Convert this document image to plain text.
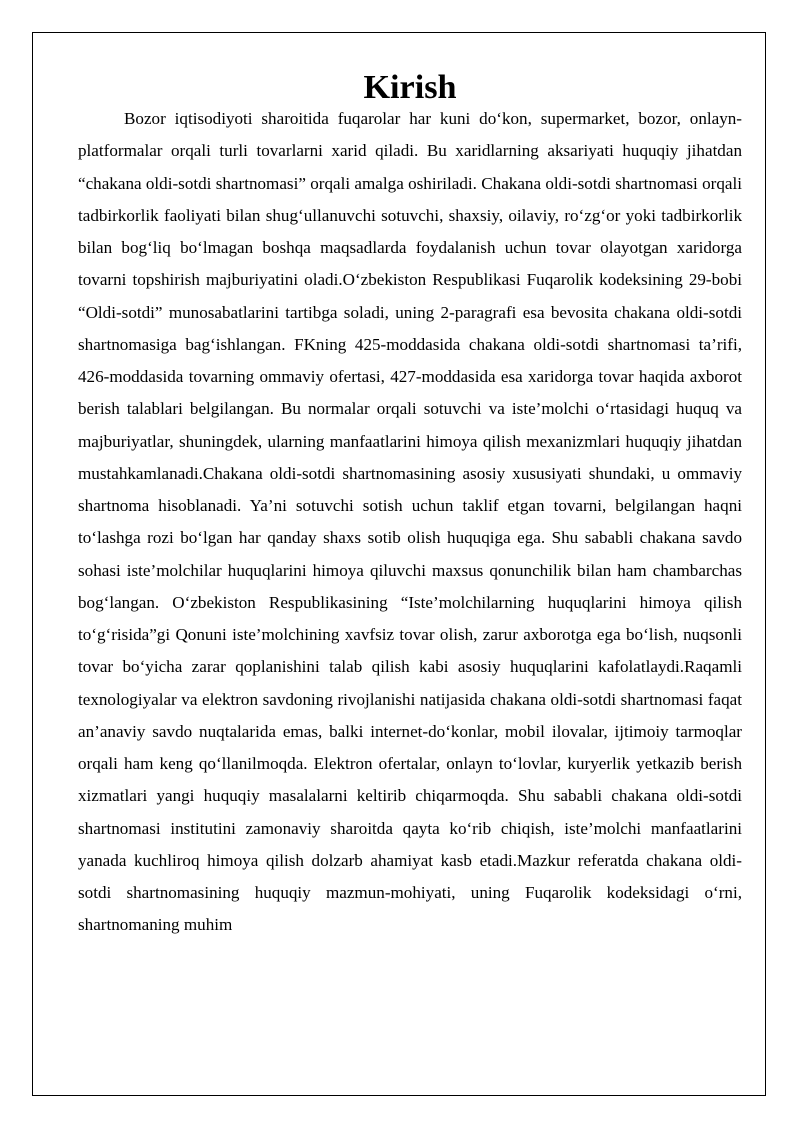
Kirish

Bozor iqtisodiyoti sharoitida fuqarolar har kuni do‘kon, supermarket, bozor, onlayn-platformalar orqali turli tovarlarni xarid qiladi. Bu xaridlarning aksariyati huquqiy jihatdan “chakana oldi-sotdi shartnomasi” orqali amalga oshiriladi. Chakana oldi-sotdi shartnomasi orqali tadbirkorlik faoliyati bilan shug‘ullanuvchi sotuvchi, shaxsiy, oilaviy, ro‘zg‘or yoki tadbirkorlik bilan bog‘liq bo‘lmagan boshqa maqsadlarda foydalanish uchun tovar olayotgan xaridorga tovarni topshirish majburiyatini oladi.O‘zbekiston Respublikasi Fuqarolik kodeksining 29-bobi “Oldi-sotdi” munosabatlarini tartibga soladi, uning 2-paragrafi esa bevosita chakana oldi-sotdi shartnomasiga bag‘ishlangan. FKning 425-moddasida chakana oldi-sotdi shartnomasi ta’rifi, 426-moddasida tovarning ommaviy ofertasi, 427-moddasida esa xaridorga tovar haqida axborot berish talablari belgilangan. Bu normalar orqali sotuvchi va iste’molchi o‘rtasidagi huquq va majburiyatlar, shuningdek, ularning manfaatlarini himoya qilish mexanizmlari huquqiy jihatdan mustahkamlanadi.Chakana oldi-sotdi shartnomasining asosiy xususiyati shundaki, u ommaviy shartnoma hisoblanadi. Ya’ni sotuvchi sotish uchun taklif etgan tovarni, belgilangan haqni to‘lashga rozi bo‘lgan har qanday shaxs sotib olish huquqiga ega. Shu sababli chakana savdo sohasi iste’molchilar huquqlarini himoya qiluvchi maxsus qonunchilik bilan ham chambarchas bog‘langan. O‘zbekiston Respublikasining “Iste’molchilarning huquqlarini himoya qilish to‘g‘risida”gi Qonuni iste’molchining xavfsiz tovar olish, zarur axborotga ega bo‘lish, nuqsonli tovar bo‘yicha zarar qoplanishini talab qilish kabi asosiy huquqlarini kafolatlaydi.Raqamli texnologiyalar va elektron savdoning rivojlanishi natijasida chakana oldi-sotdi shartnomasi faqat an’anaviy savdo nuqtalarida emas, balki internet-do‘konlar, mobil ilovalar, ijtimoiy tarmoqlar orqali ham keng qo‘llanilmoqda. Elektron ofertalar, onlayn to‘lovlar, kuryerlik yetkazib berish xizmatlari yangi huquqiy masalalarni keltirib chiqarmoqda. Shu sababli chakana oldi-sotdi shartnomasi institutini zamonaviy sharoitda qayta ko‘rib chiqish, iste’molchi manfaatlarini yanada kuchliroq himoya qilish dolzarb ahamiyat kasb etadi.Mazkur referatda chakana oldi-sotdi shartnomasining huquqiy mazmun-mohiyati, uning Fuqarolik kodeksidagi o‘rni, shartnomaning muhim
